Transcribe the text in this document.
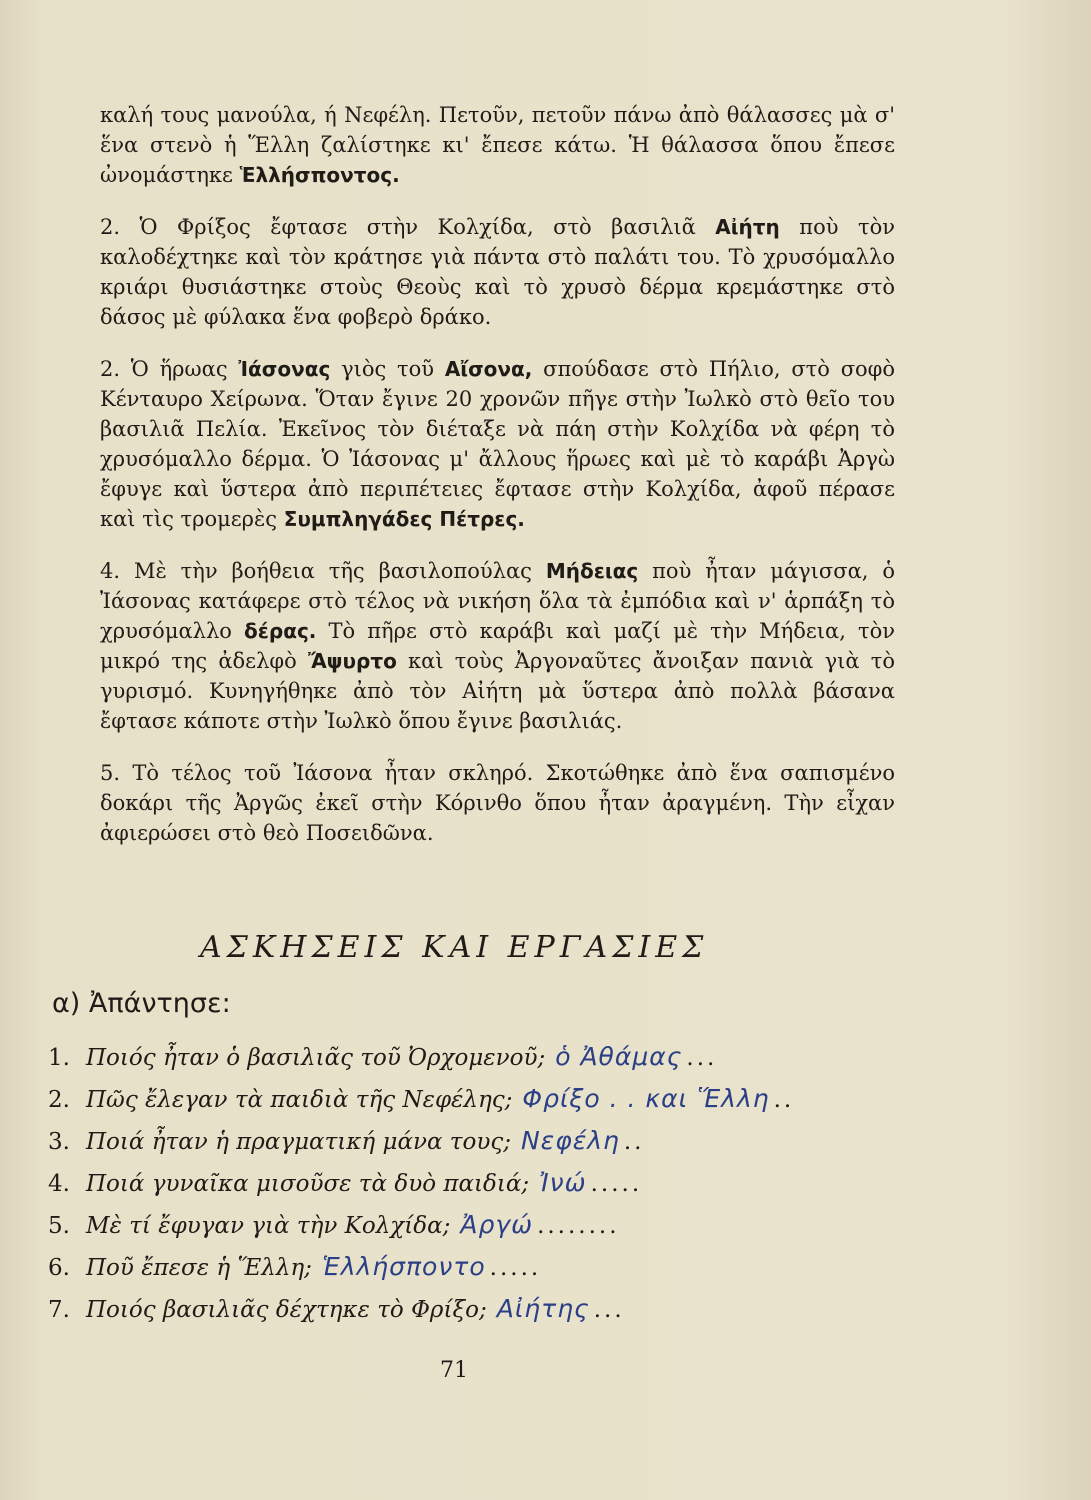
καλή τους μανούλα, ή Νεφέλη. Πετοῦν, πετοῦν πάνω ἀπὸ θάλασσες μὰ σ' ἕνα στενὸ ἡ Ἕλλη ζαλίστηκε κι' ἔπεσε κάτω. Ἡ θάλασσα ὅπου ἔπεσε ὠνομάστηκε Ἑλλήσποντος.

2. Ὁ Φρίξος ἔφτασε στὴν Κολχίδα, στὸ βασιλιᾶ Αἰήτη ποὺ τὸν καλοδέχτηκε καὶ τὸν κράτησε γιὰ πάντα στὸ παλάτι του. Τὸ χρυσόμαλλο κριάρι θυσιάστηκε στοὺς Θεοὺς καὶ τὸ χρυσὸ δέρμα κρεμάστηκε στὸ δάσος μὲ φύλακα ἕνα φοβερὸ δράκο.

2. Ὁ ἥρωας Ἰάσονας γιὸς τοῦ Αἴσονα, σπούδασε στὸ Πήλιο, στὸ σοφὸ Κένταυρο Χείρωνα. Ὅταν ἔγινε 20 χρονῶν πῆγε στὴν Ἰωλκὸ στὸ θεῖο του βασιλιᾶ Πελία. Ἐκεῖνος τὸν διέταξε νὰ πάη στὴν Κολχίδα νὰ φέρη τὸ χρυσόμαλλο δέρμα. Ὁ Ἰάσονας μ' ἄλλους ἥρωες καὶ μὲ τὸ καράβι Ἀργὼ ἔφυγε καὶ ὕστερα ἀπὸ περιπέτειες ἔφτασε στὴν Κολχίδα, ἀφοῦ πέρασε καὶ τὶς τρομερὲς Συμπληγάδες Πέτρες.

4. Μὲ τὴν βοήθεια τῆς βασιλοπούλας Μήδειας ποὺ ἦταν μάγισσα, ὁ Ἰάσονας κατάφερε στὸ τέλος νὰ νικήση ὅλα τὰ ἐμπόδια καὶ ν' ἁρπάξη τὸ χρυσόμαλλο δέρας. Τὸ πῆρε στὸ καράβι καὶ μαζί μὲ τὴν Μήδεια, τὸν μικρό της ἀδελφὸ Ἄψυρτο καὶ τοὺς Ἀργοναῦτες ἄνοιξαν πανιὰ γιὰ τὸ γυρισμό. Κυνηγήθηκε ἀπὸ τὸν Αἰήτη μὰ ὕστερα ἀπὸ πολλὰ βάσανα ἔφτασε κάποτε στὴν Ἰωλκὸ ὅπου ἔγινε βασιλιάς.

5. Τὸ τέλος τοῦ Ἰάσονα ἦταν σκληρό. Σκοτώθηκε ἀπὸ ἕνα σαπισμένο δοκάρι τῆς Ἀργῶς ἐκεῖ στὴν Κόρινθο ὅπου ἦταν ἀραγμένη. Τὴν εἶχαν ἀφιερώσει στὸ θεὸ Ποσειδῶνα.

ΑΣΚΗΣΕΙΣ ΚΑΙ ΕΡΓΑΣΙΕΣ
α) Ἀπάντησε:
1. Ποιός ἦταν ὁ βασιλιᾶς τοῦ Ὀρχομενοῦ; ὁ Ἀθάμας ...
2. Πῶς ἔλεγαν τὰ παιδιὰ τῆς Νεφέλης; Φρίξο . . και Ἕλλη ..
3. Ποιά ἦταν ἡ πραγματική μάνα τους; Νεφέλη ..
4. Ποιά γυναῖκα μισοῦσε τὰ δυὸ παιδιά; Ἰνώ .....
5. Μὲ τί ἔφυγαν γιὰ τὴν Κολχίδα; Ἀργώ ........
6. Ποῦ ἔπεσε ἡ Ἕλλη; Ἑλλήσποντο .....
7. Ποιός βασιλιᾶς δέχτηκε τὸ Φρίξο; Αἰήτης ...
71
